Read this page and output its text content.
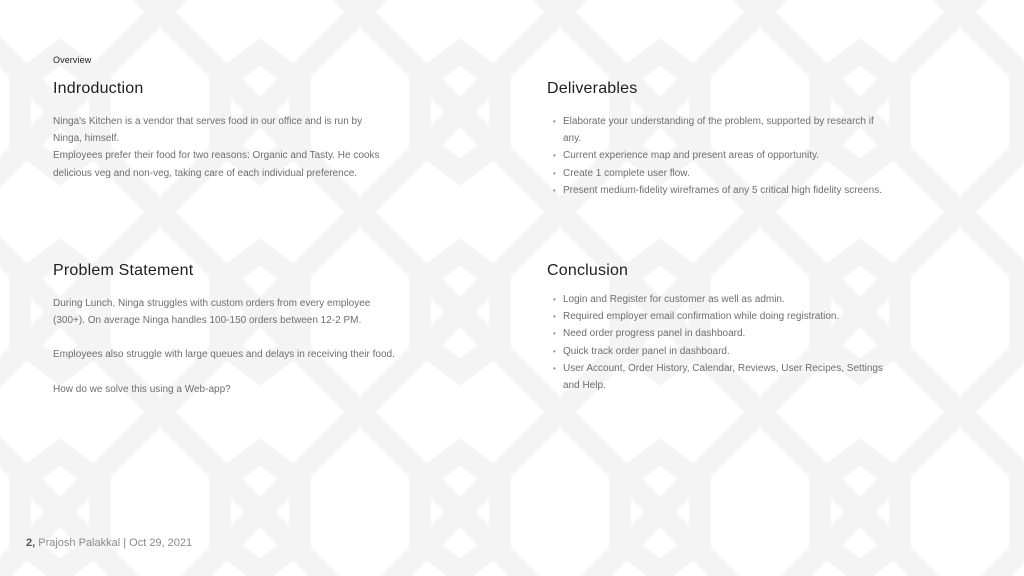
Overview
Indroduction

Ninga's Kitchen is a vendor that serves food in our office and is run by Ninga, himself.

Employees prefer their food for two reasons: Organic and Tasty. He cooks delicious veg and non-veg, taking care of each individual preference.

Deliverables
• Elaborate your understanding of the problem, supported by research if any.
• Current experience map and present areas of opportunity.
• Create 1 complete user flow.
• Present medium-fidelity wireframes of any 5 critical high fidelity screens.
Problem Statement

During Lunch, Ninga struggles with custom orders from every employee (300+). On average Ninga handles 100-150 orders between 12-2 PM.

Employees also struggle with large queues and delays in receiving their food.

How do we solve this using a Web-app?

Conclusion
• Login and Register for customer as well as admin.
• Required employer email confirmation while doing registration.
• Need order progress panel in dashboard.
• Quick track order panel in dashboard.
• User Account, Order History, Calendar, Reviews, User Recipes, Settings and Help.
2, Prajosh Palakkal | Oct 29, 2021
